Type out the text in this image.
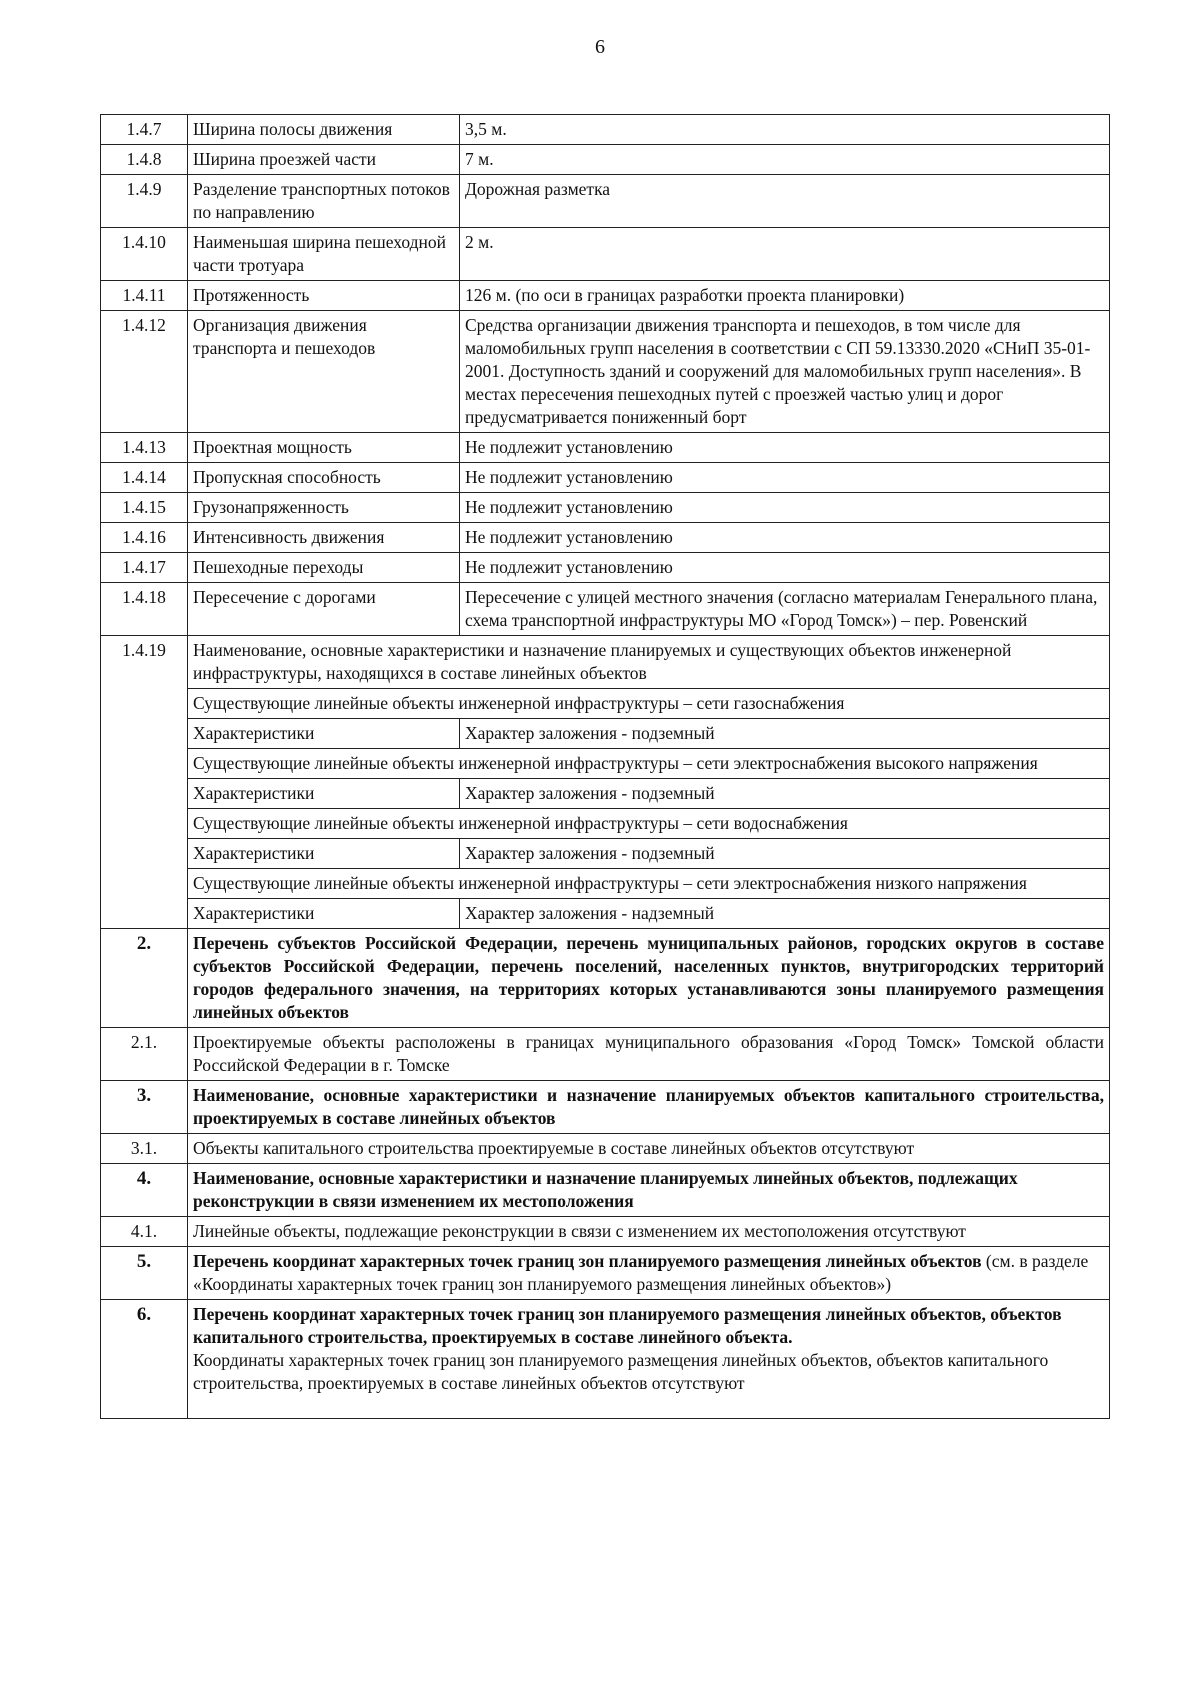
6
1.4.7	Ширина полосы движения	3,5 м.
1.4.8	Ширина проезжей части	7 м.
1.4.9	Разделение транспортных потоков по направлению	Дорожная разметка
1.4.10	Наименьшая ширина пешеходной части тротуара	2 м.
1.4.11	Протяженность	126 м. (по оси в границах разработки проекта планировки)
1.4.12	Организация движения транспорта и пешеходов	Средства организации движения транспорта и пешеходов, в том числе для маломобильных групп населения в соответствии с СП 59.13330.2020 «СНиП 35-01-2001. Доступность зданий и сооружений для маломобильных групп населения». В местах пересечения пешеходных путей с проезжей частью улиц и дорог предусматривается пониженный борт
1.4.13	Проектная мощность	Не подлежит установлению
1.4.14	Пропускная способность	Не подлежит установлению
1.4.15	Грузонапряженность	Не подлежит установлению
1.4.16	Интенсивность движения	Не подлежит установлению
1.4.17	Пешеходные переходы	Не подлежит установлению
1.4.18	Пересечение с дорогами	Пересечение с улицей местного значения (согласно материалам Генерального плана, схема транспортной инфраструктуры МО «Город Томск») – пер. Ровенский
1.4.19	Наименование, основные характеристики и назначение планируемых и существующих объектов инженерной инфраструктуры, находящихся в составе линейных объектов	
	Существующие линейные объекты инженерной инфраструктуры – сети газоснабжения	
	Характеристики	Характер заложения - подземный
	Существующие линейные объекты инженерной инфраструктуры – сети электроснабжения высокого напряжения	
	Характеристики	Характер заложения - подземный
	Существующие линейные объекты инженерной инфраструктуры – сети водоснабжения	
	Характеристики	Характер заложения - подземный
	Существующие линейные объекты инженерной инфраструктуры – сети электроснабжения низкого напряжения	
	Характеристики	Характер заложения - надземный
2.	Перечень субъектов Российской Федерации, перечень муниципальных районов, городских округов в составе субъектов Российской Федерации, перечень поселений, населенных пунктов, внутригородских территорий городов федерального значения, на территориях которых устанавливаются зоны планируемого размещения линейных объектов	
2.1.	Проектируемые объекты расположены в границах муниципального образования «Город Томск» Томской области Российской Федерации в г. Томске	
3.	Наименование, основные характеристики и назначение планируемых объектов капитального строительства, проектируемых в составе линейных объектов	
3.1.	Объекты капитального строительства проектируемые в составе линейных объектов отсутствуют	
4.	Наименование, основные характеристики и назначение планируемых линейных объектов, подлежащих реконструкции в связи изменением их местоположения	
4.1.	Линейные объекты, подлежащие реконструкции в связи с изменением их местоположения отсутствуют	
5.	Перечень координат характерных точек границ зон планируемого размещения линейных объектов (см. в разделе «Координаты характерных точек границ зон планируемого размещения линейных объектов»)	
6.	Перечень координат характерных точек границ зон планируемого размещения линейных объектов, объектов капитального строительства, проектируемых в составе линейного объекта.
Координаты характерных точек границ зон планируемого размещения линейных объектов, объектов капитального строительства, проектируемых в составе линейных объектов отсутствуют	
